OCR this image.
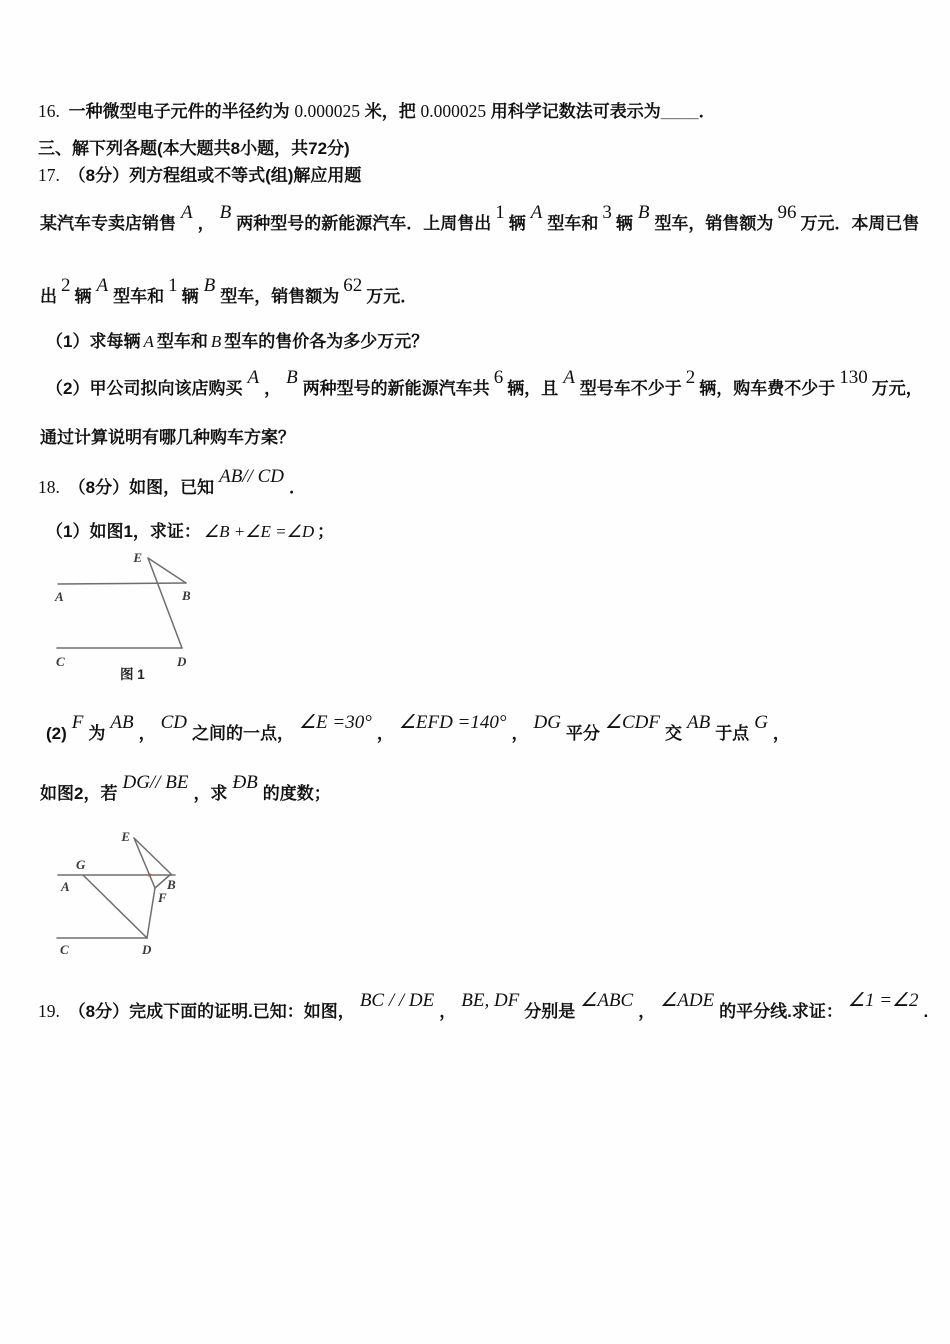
16.  一种微型电子元件的半径约为 0.000025 米，把 0.000025 用科学记数法可表示为____．
三、解下列各题(本大题共8小题，共72分)
17.  （8分）列方程组或不等式(组)解应用题
某汽车专卖店销售A，B两种型号的新能源汽车．上周售出1辆A型车和3辆B型车，销售额为96万元．本周已售
出2辆A型车和1辆B型车，销售额为62万元．
（1）求每辆 A 型车和 B 型车的售价各为多少万元？
（2）甲公司拟向该店购买A，B两种型号的新能源汽车共6辆，且A型号车不少于2辆，购车费不少于130万元，
通过计算说明有哪几种购车方案？
18.  （8分）如图，已知AB// CD．
（1）如图1，求证： ∠B +∠E =∠D ；
E
A	B
C	D
图 1
(2)F为AB，CD之间的一点，∠E =30°，∠EFD =140°，DG平分∠CDF交AB于点G，
如图2，若DG// BE，求ÐB的度数；
E
G
A	B
F
C	D
19.  （8分）完成下面的证明.已知：如图，BC / / DE，BE, DF分别是∠ABC，∠ADE的平分线.求证：∠1 =∠2.
